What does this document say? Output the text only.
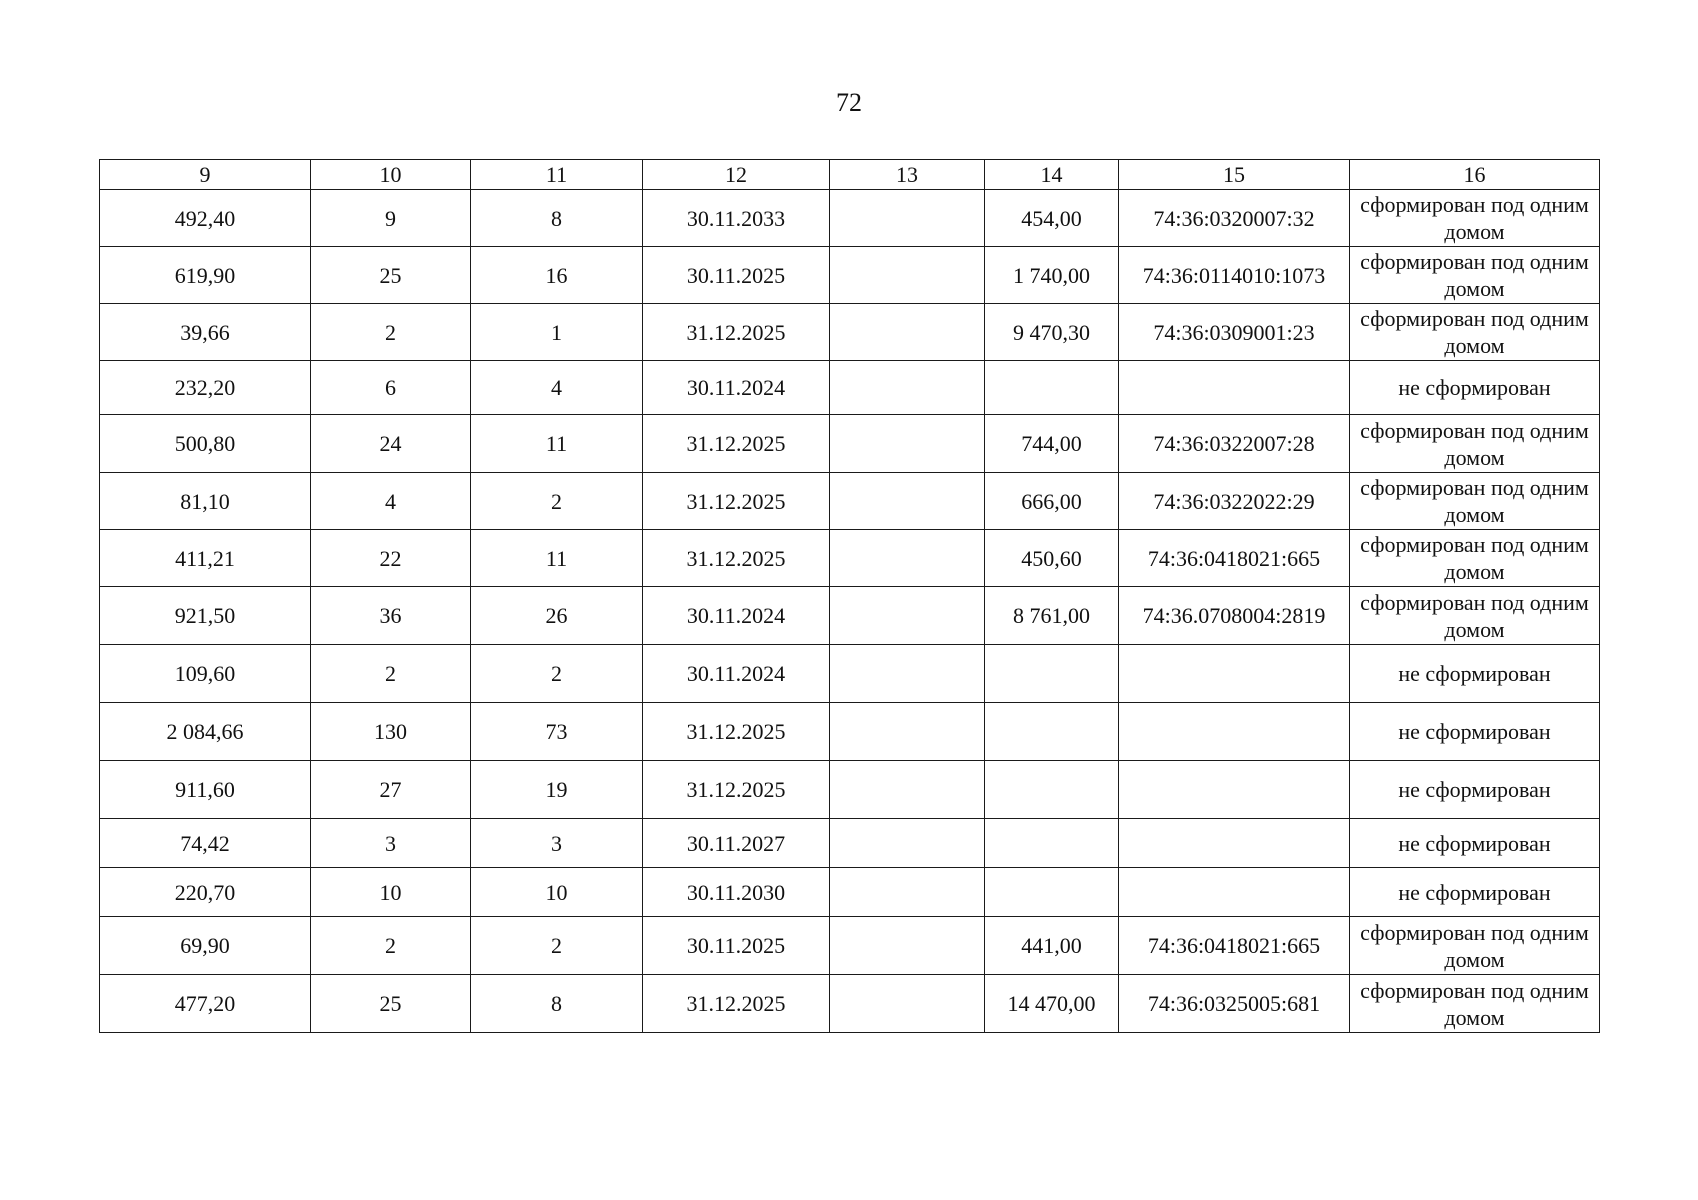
72
9	10	11	12	13	14	15	16
492,40	9	8	30.11.2033		454,00	74:36:0320007:32	сформирован под одним домом
619,90	25	16	30.11.2025		1 740,00	74:36:0114010:1073	сформирован под одним домом
39,66	2	1	31.12.2025		9 470,30	74:36:0309001:23	сформирован под одним домом
232,20	6	4	30.11.2024				не сформирован
500,80	24	11	31.12.2025		744,00	74:36:0322007:28	сформирован под одним домом
81,10	4	2	31.12.2025		666,00	74:36:0322022:29	сформирован под одним домом
411,21	22	11	31.12.2025		450,60	74:36:0418021:665	сформирован под одним домом
921,50	36	26	30.11.2024		8 761,00	74:36.0708004:2819	сформирован под одним домом
109,60	2	2	30.11.2024				не сформирован
2 084,66	130	73	31.12.2025				не сформирован
911,60	27	19	31.12.2025				не сформирован
74,42	3	3	30.11.2027				не сформирован
220,70	10	10	30.11.2030				не сформирован
69,90	2	2	30.11.2025		441,00	74:36:0418021:665	сформирован под одним домом
477,20	25	8	31.12.2025		14 470,00	74:36:0325005:681	сформирован под одним домом
